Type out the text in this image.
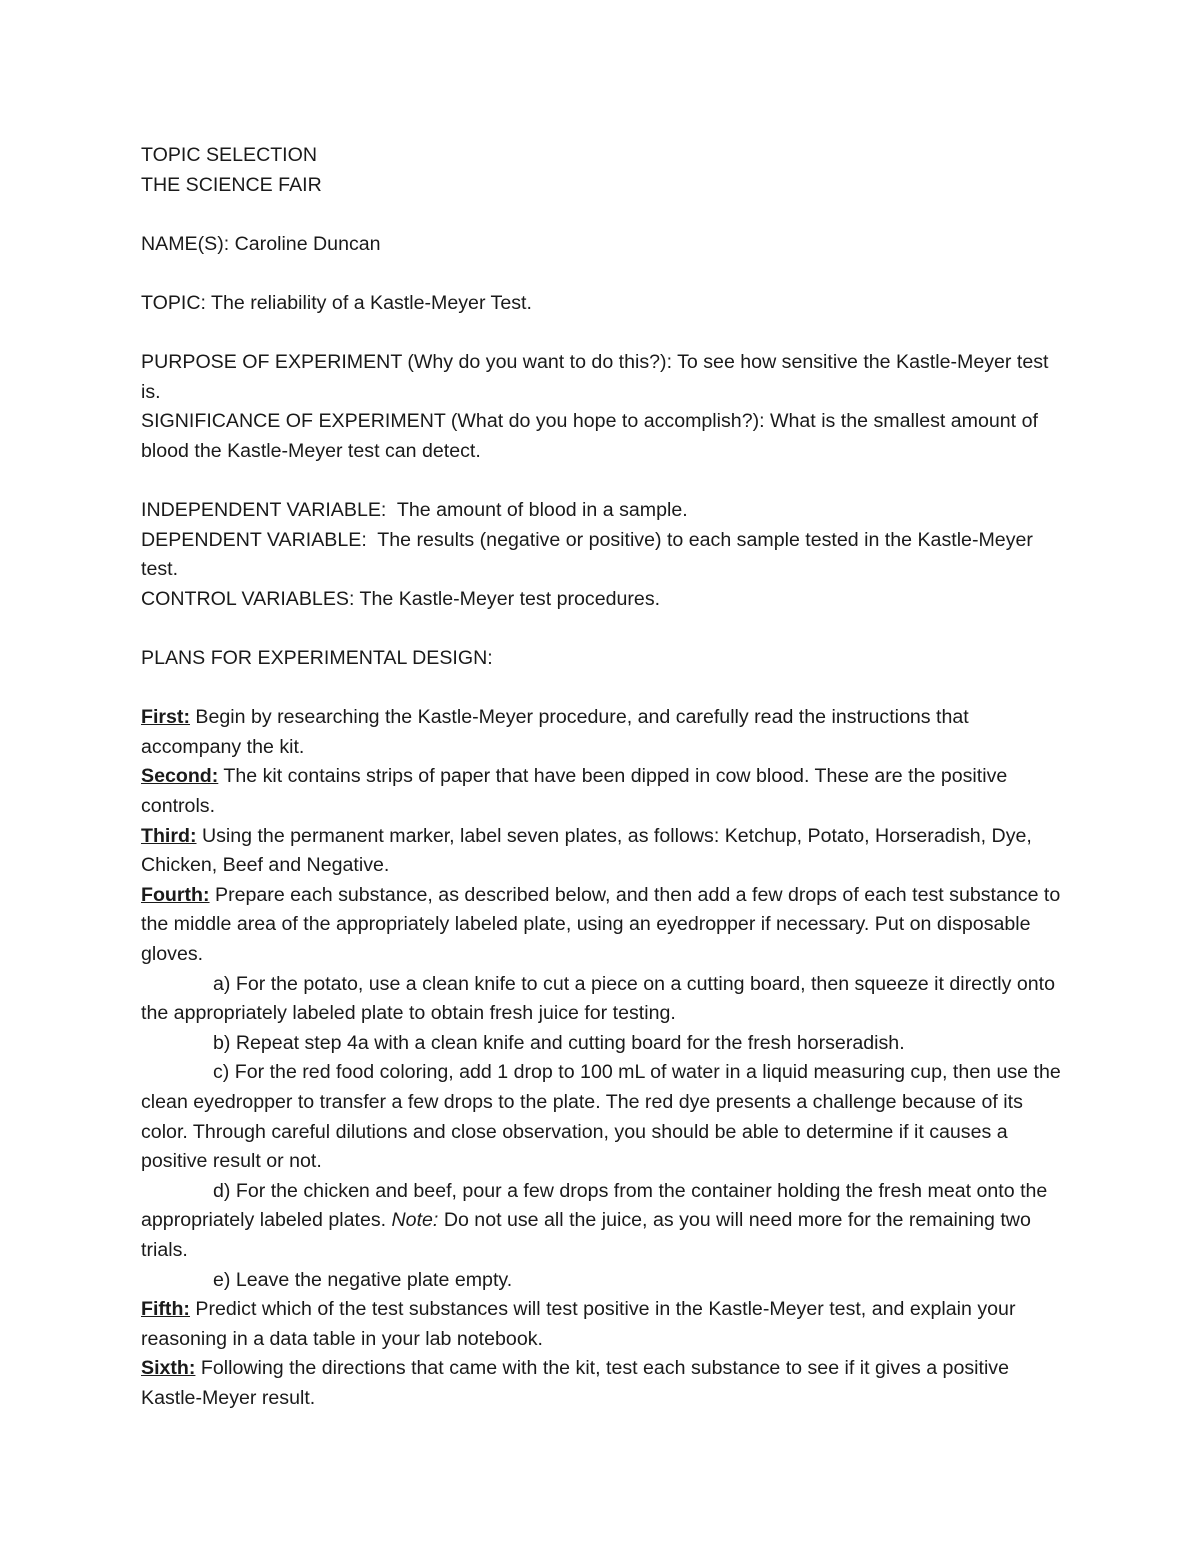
TOPIC SELECTION
THE SCIENCE FAIR

NAME(S): Caroline Duncan

TOPIC: The reliability of a Kastle-Meyer Test.

PURPOSE OF EXPERIMENT (Why do you want to do this?): To see how sensitive the Kastle-Meyer test is.

SIGNIFICANCE OF EXPERIMENT (What do you hope to accomplish?): What is the smallest amount of blood the Kastle-Meyer test can detect.

INDEPENDENT VARIABLE:  The amount of blood in a sample.

DEPENDENT VARIABLE:  The results (negative or positive) to each sample tested in the Kastle-Meyer test.

CONTROL VARIABLES: The Kastle-Meyer test procedures.

PLANS FOR EXPERIMENTAL DESIGN:

First: Begin by researching the Kastle-Meyer procedure, and carefully read the instructions that accompany the kit.

Second: The kit contains strips of paper that have been dipped in cow blood. These are the positive controls.

Third: Using the permanent marker, label seven plates, as follows: Ketchup, Potato, Horseradish, Dye, Chicken, Beef and Negative.

Fourth: Prepare each substance, as described below, and then add a few drops of each test substance to the middle area of the appropriately labeled plate, using an eyedropper if necessary. Put on disposable gloves.

a) For the potato, use a clean knife to cut a piece on a cutting board, then squeeze it directly onto the appropriately labeled plate to obtain fresh juice for testing.

b) Repeat step 4a with a clean knife and cutting board for the fresh horseradish.

c) For the red food coloring, add 1 drop to 100 mL of water in a liquid measuring cup, then use the clean eyedropper to transfer a few drops to the plate. The red dye presents a challenge because of its color. Through careful dilutions and close observation, you should be able to determine if it causes a positive result or not.

d) For the chicken and beef, pour a few drops from the container holding the fresh meat onto the appropriately labeled plates. Note: Do not use all the juice, as you will need more for the remaining two trials.

e) Leave the negative plate empty.

Fifth: Predict which of the test substances will test positive in the Kastle-Meyer test, and explain your reasoning in a data table in your lab notebook.

Sixth: Following the directions that came with the kit, test each substance to see if it gives a positive Kastle-Meyer result.
